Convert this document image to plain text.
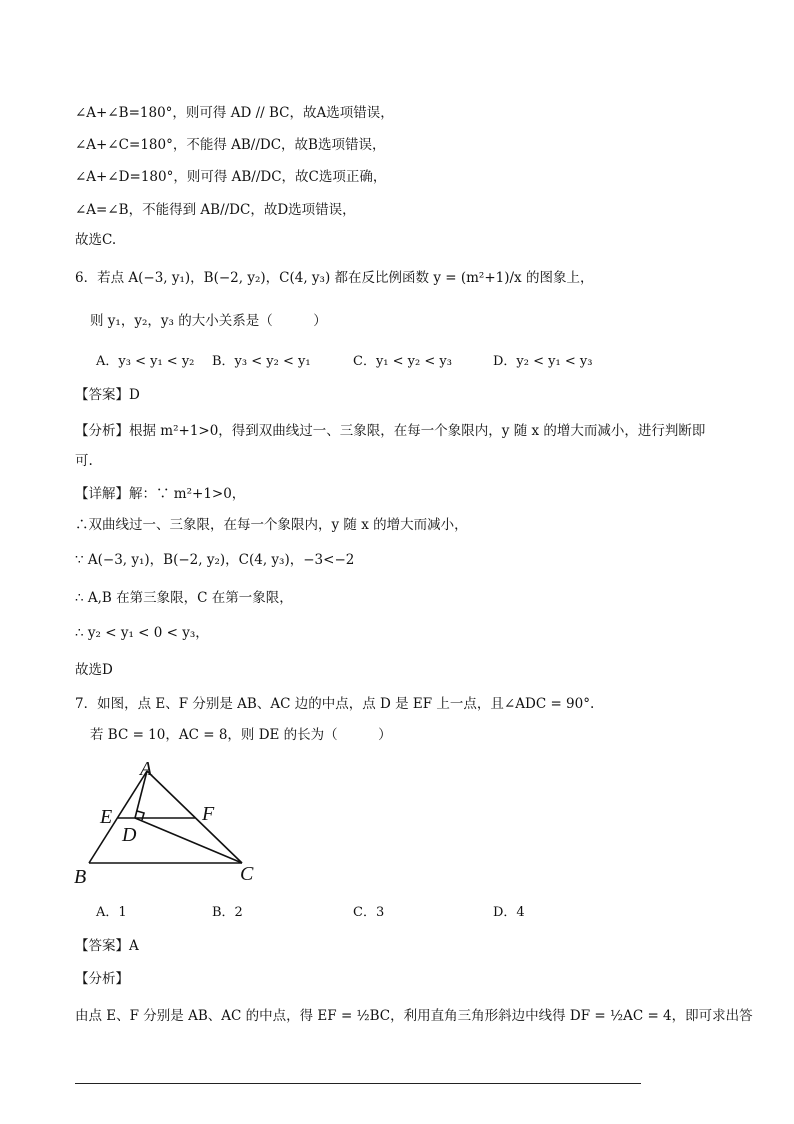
∠A+∠B=180°，则可得 AD // BC，故A选项错误，
∠A+∠C=180°，不能得 AB//DC，故B选项错误，
∠A+∠D=180°，则可得 AB//DC，故C选项正确，
∠A=∠B，不能得到 AB//DC，故D选项错误，
故选C.
6．若点 A(−3, y₁)，B(−2, y₂)，C(4, y₃) 都在反比例函数 y = (m²+1)/x 的图象上，
则 y₁，y₂，y₃ 的大小关系是（　　　）
A．y₃ < y₁ < y₂ B．y₃ < y₂ < y₁	C．y₁ < y₂ < y₃	D．y₂ < y₁ < y₃
【答案】D
【分析】根据 m²+1>0，得到双曲线过一、三象限，在每一个象限内，y 随 x 的增大而减小，进行判断即
可.
【详解】解：∵ m²+1>0，
∴双曲线过一、三象限，在每一个象限内，y 随 x 的增大而减小，
∵ A(−3, y₁)，B(−2, y₂)，C(4, y₃)，−3<−2
∴ A,B 在第三象限，C 在第一象限，
∴ y₂ < y₁ < 0 < y₃，
故选D
7．如图，点 E、F 分别是 AB、AC 边的中点，点 D 是 EF 上一点，且∠ADC = 90°.
若 BC = 10，AC = 8，则 DE 的长为（　　　）
A
B	C
D
E	F
A．1	B．2	C．3	D．4
【答案】A
【分析】
由点 E、F 分别是 AB、AC 的中点，得 EF = ½BC，利用直角三角形斜边中线得 DF = ½AC = 4，即可求出答
